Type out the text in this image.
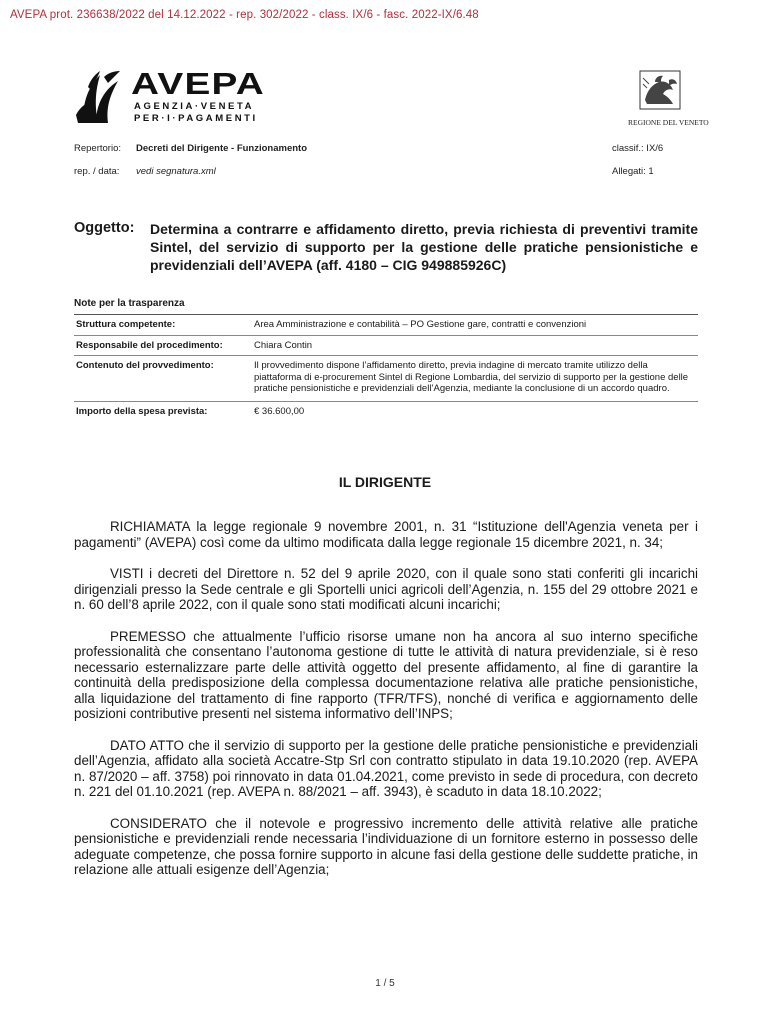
AVEPA prot. 236638/2022 del 14.12.2022 - rep. 302/2022 - class. IX/6 - fasc. 2022-IX/6.48
AVEPA
AGENZIA·VENETA
PER·I·PAGAMENTI	REGIONE DEL VENETO
Repertorio: Decreti del Dirigente - Funzionamento	classif.: IX/6
rep. / data: vedi segnatura.xml	Allegati: 1
Oggetto: Determina a contrarre e affidamento diretto, previa richiesta di preventivi tramite Sintel, del servizio di supporto per la gestione delle pratiche pensionistiche e previdenziali dell’AVEPA (aff. 4180 – CIG 949885926C)
Note per la trasparenza
Struttura competente:	Area Amministrazione e contabilità – PO Gestione gare, contratti e convenzioni
Responsabile del procedimento:	Chiara Contin
Contenuto del provvedimento:	Il provvedimento dispone l’affidamento diretto, previa indagine di mercato tramite utilizzo della piattaforma di e-procurement Sintel di Regione Lombardia, del servizio di supporto per la gestione delle pratiche pensionistiche e previdenziali dell’Agenzia, mediante la conclusione di un accordo quadro.
Importo della spesa prevista:	€ 36.600,00
IL DIRIGENTE

RICHIAMATA la legge regionale 9 novembre 2001, n. 31 “Istituzione dell'Agenzia veneta per i pagamenti” (AVEPA) così come da ultimo modificata dalla legge regionale 15 dicembre 2021, n. 34;

VISTI i decreti del Direttore n. 52 del 9 aprile 2020, con il quale sono stati conferiti gli incarichi dirigenziali presso la Sede centrale e gli Sportelli unici agricoli dell’Agenzia, n. 155 del 29 ottobre 2021 e n. 60 dell’8 aprile 2022, con il quale sono stati modificati alcuni incarichi;

PREMESSO che attualmente l’ufficio risorse umane non ha ancora al suo interno specifiche professionalità che consentano l’autonoma gestione di tutte le attività di natura previdenziale, si è reso necessario esternalizzare parte delle attività oggetto del presente affidamento, al fine di garantire la continuità della predisposizione della complessa documentazione relativa alle pratiche pensionistiche, alla liquidazione del trattamento di fine rapporto (TFR/TFS), nonché di verifica e aggiornamento delle posizioni contributive presenti nel sistema informativo dell’INPS;

DATO ATTO che il servizio di supporto per la gestione delle pratiche pensionistiche e previdenziali dell’Agenzia, affidato alla società Accatre-Stp Srl con contratto stipulato in data 19.10.2020 (rep. AVEPA n. 87/2020 – aff. 3758) poi rinnovato in data 01.04.2021, come previsto in sede di procedura, con decreto n. 221 del 01.10.2021 (rep. AVEPA n. 88/2021 – aff. 3943), è scaduto in data 18.10.2022;

CONSIDERATO che il notevole e progressivo incremento delle attività relative alle pratiche pensionistiche e previdenziali rende necessaria l’individuazione di un fornitore esterno in possesso delle adeguate competenze, che possa fornire supporto in alcune fasi della gestione delle suddette pratiche, in relazione alle attuali esigenze dell’Agenzia;

1 / 5
